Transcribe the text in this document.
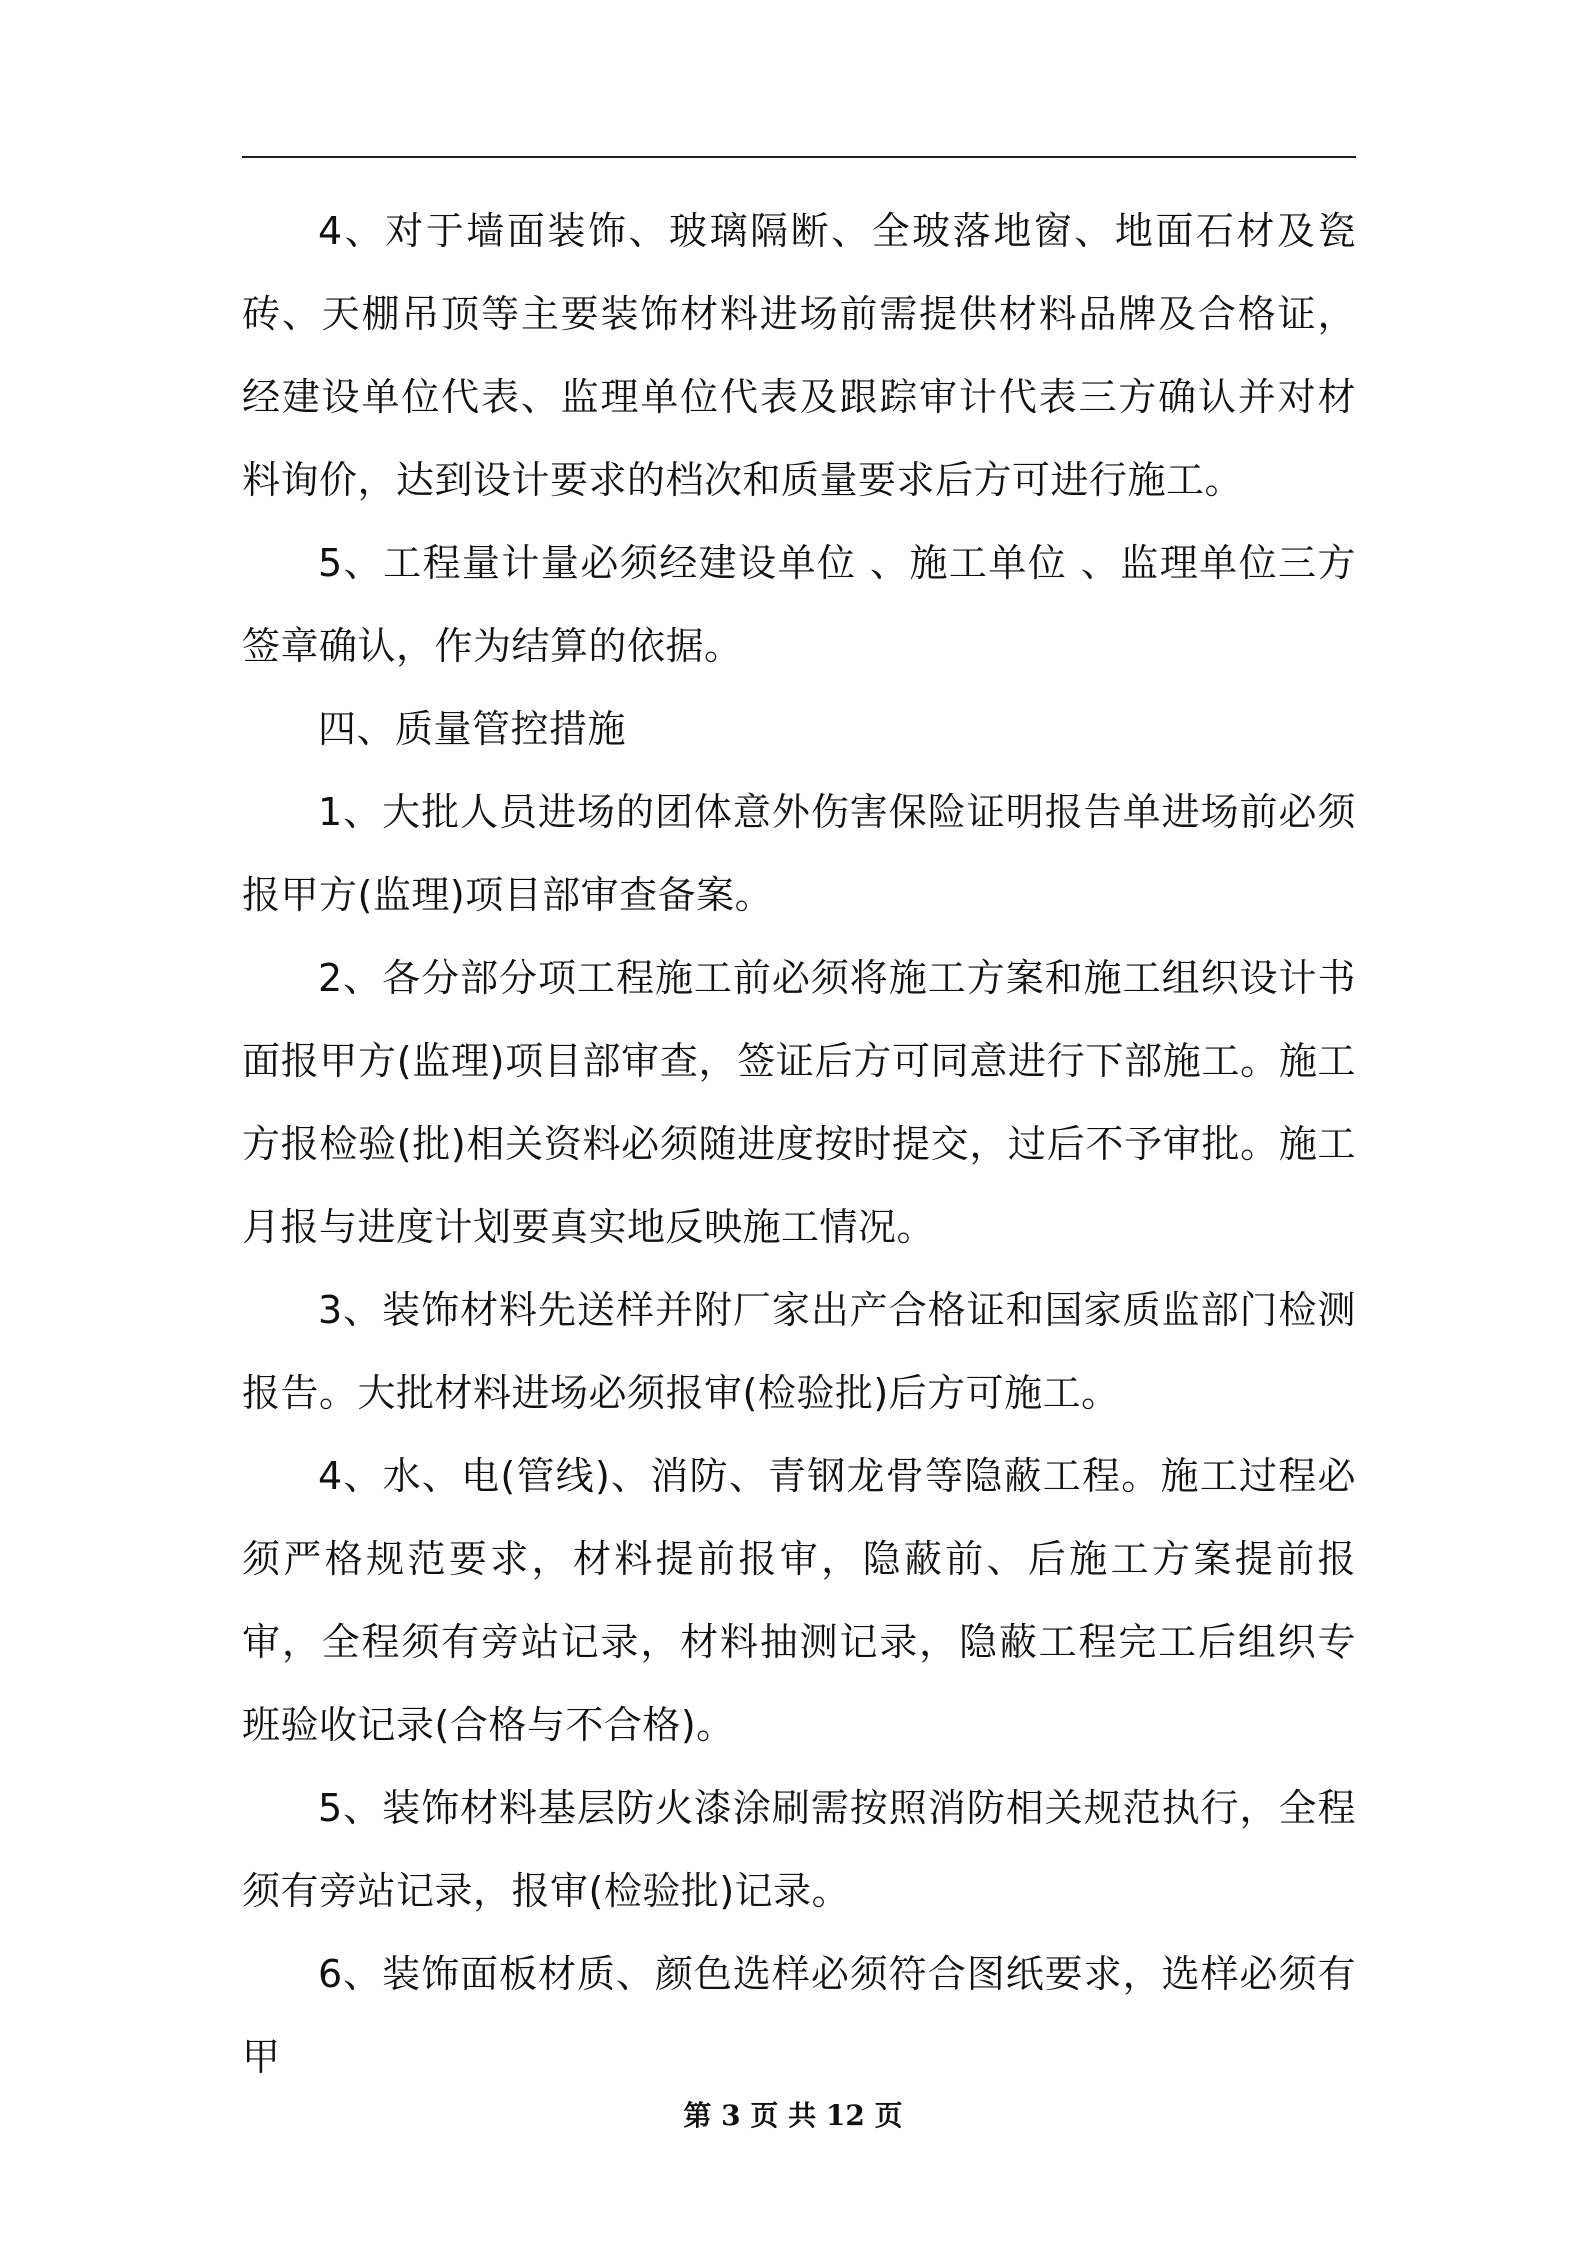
4、对于墙面装饰、玻璃隔断、全玻落地窗、地面石材及瓷砖、天棚吊顶等主要装饰材料进场前需提供材料品牌及合格证，经建设单位代表、监理单位代表及跟踪审计代表三方确认并对材料询价，达到设计要求的档次和质量要求后方可进行施工。

5、工程量计量必须经建设单位 、施工单位 、监理单位三方签章确认，作为结算的依据。

四、质量管控措施

1、大批人员进场的团体意外伤害保险证明报告单进场前必须报甲方(监理)项目部审查备案。

2、各分部分项工程施工前必须将施工方案和施工组织设计书面报甲方(监理)项目部审查，签证后方可同意进行下部施工。施工方报检验(批)相关资料必须随进度按时提交，过后不予审批。施工月报与进度计划要真实地反映施工情况。

3、装饰材料先送样并附厂家出产合格证和国家质监部门检测报告。大批材料进场必须报审(检验批)后方可施工。

4、水、电(管线)、消防、青钢龙骨等隐蔽工程。施工过程必须严格规范要求，材料提前报审，隐蔽前、后施工方案提前报审，全程须有旁站记录，材料抽测记录，隐蔽工程完工后组织专班验收记录(合格与不合格)。

5、装饰材料基层防火漆涂刷需按照消防相关规范执行，全程须有旁站记录，报审(检验批)记录。

6、装饰面板材质、颜色选样必须符合图纸要求，选样必须有甲

第 3 页 共 12 页
